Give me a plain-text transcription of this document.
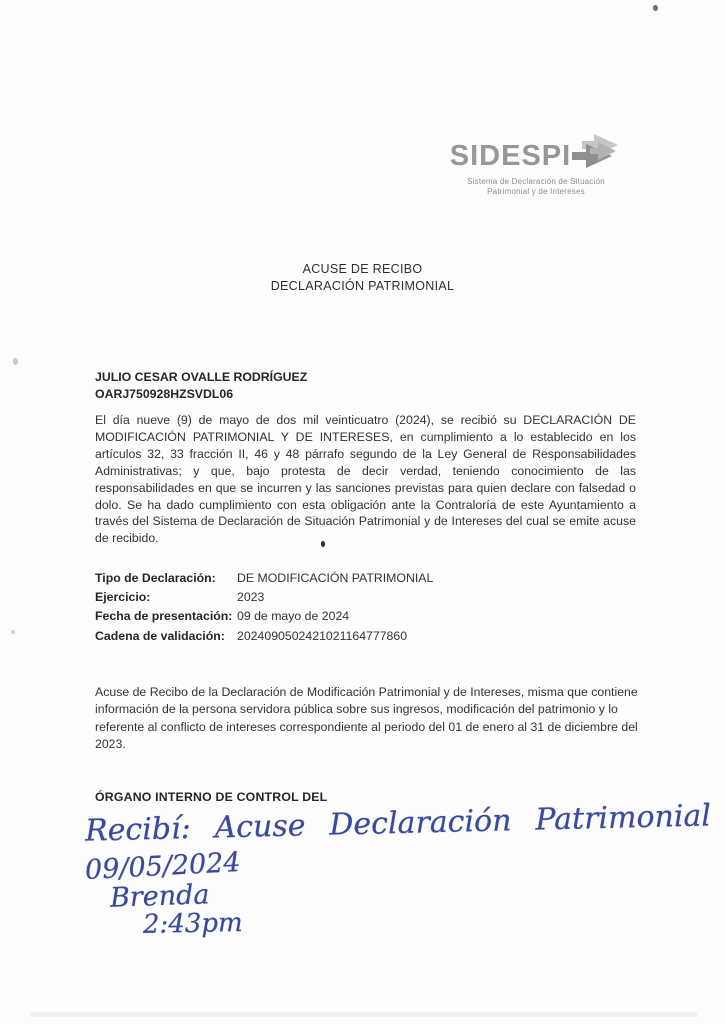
SIDESPI
Sistema de Declaración de Situación
Patrimonial y de Intereses
ACUSE DE RECIBO
DECLARACIÓN PATRIMONIAL
JULIO CESAR OVALLE RODRÍGUEZ
OARJ750928HZSVDL06
El día nueve (9) de mayo de dos mil veinticuatro (2024), se recibió su DECLARACIÓN DE MODIFICACIÓN PATRIMONIAL Y DE INTERESES, en cumplimiento a lo establecido en los artículos 32, 33 fracción II, 46 y 48 párrafo segundo de la Ley General de Responsabilidades Administrativas; y que, bajo protesta de decir verdad, teniendo conocimiento de las responsabilidades en que se incurren y las sanciones previstas para quien declare con falsedad o dolo. Se ha dado cumplimiento con esta obligación ante la Contraloría de este Ayuntamiento a través del Sistema de Declaración de Situación Patrimonial y de Intereses del cual se emite acuse de recibido.
Tipo de Declaración:	DE MODIFICACIÓN PATRIMONIAL
Ejercicio:	2023
Fecha de presentación: 09 de mayo de 2024
Cadena de validación: 2024090502421021164777860
Acuse de Recibo de la Declaración de Modificación Patrimonial y de Intereses, misma que contiene información de la persona servidora pública sobre sus ingresos, modificación del patrimonio y lo referente al conflicto de intereses correspondiente al periodo del 01 de enero al 31 de diciembre del 2023.
ÓRGANO INTERNO DE CONTROL DEL
Recibí: Acuse Declaración Patrimonial
09/05/2024
Brenda
2:43pm
